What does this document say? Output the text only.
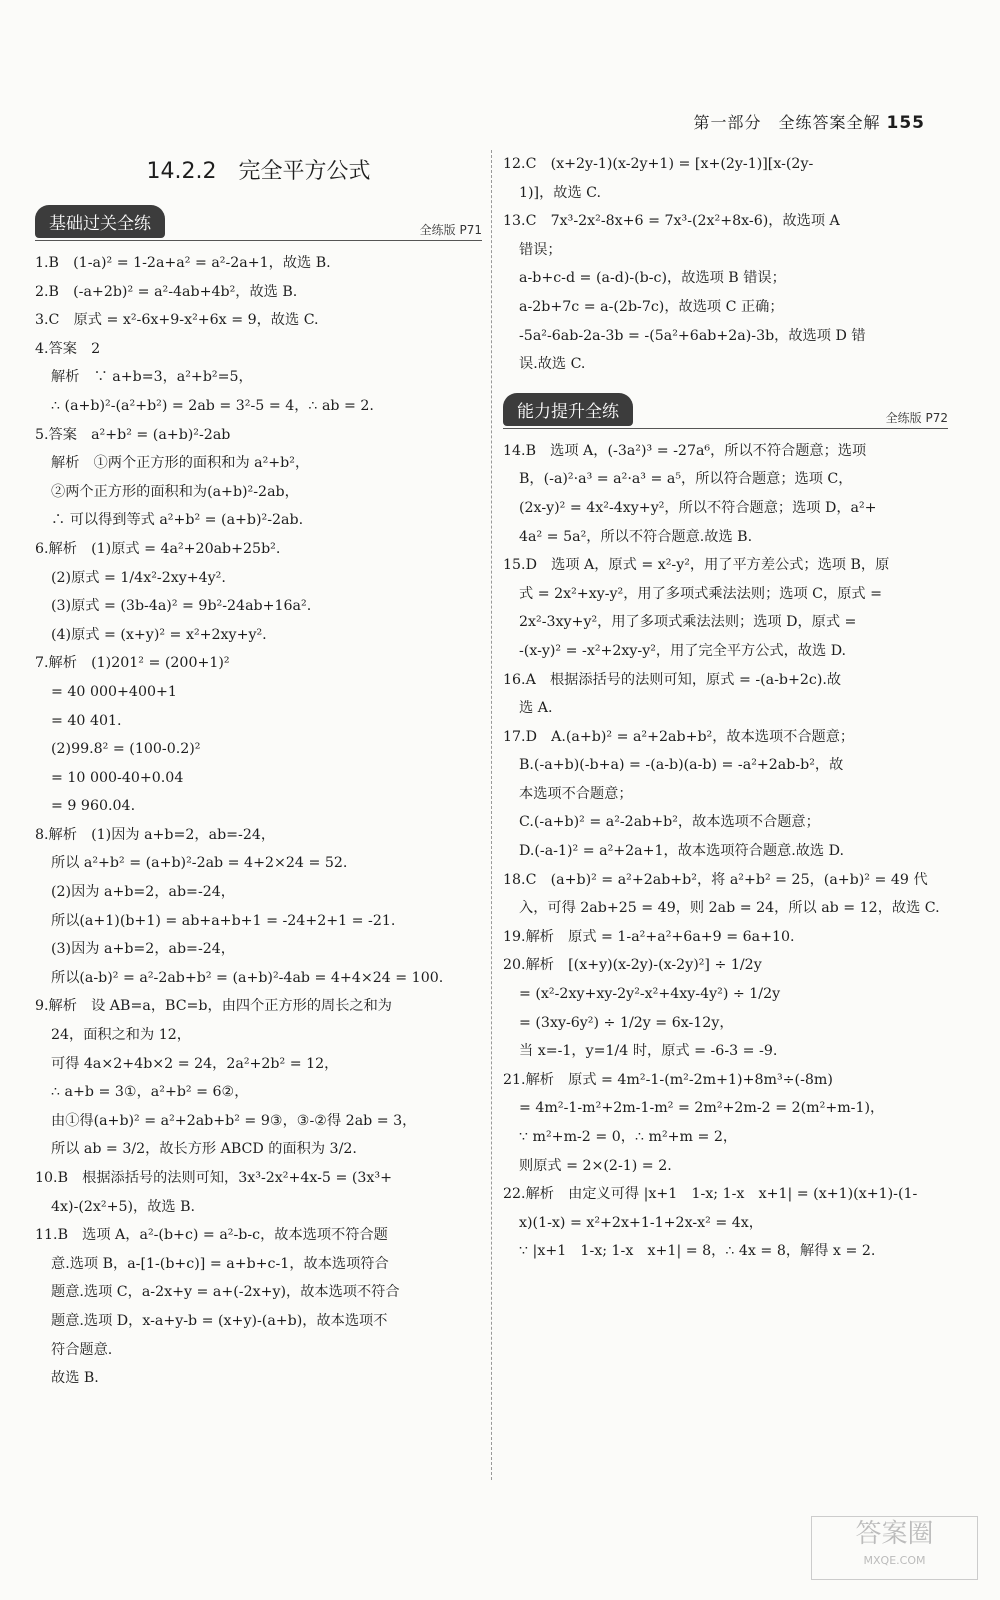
第一部分　全练答案全解 155
14.2.2　完全平方公式
基础过关全练	全练版 P71
1.B　(1-a)² = 1-2a+a² = a²-2a+1，故选 B.
2.B　(-a+2b)² = a²-4ab+4b²，故选 B.
3.C　原式 = x²-6x+9-x²+6x = 9，故选 C.
4.答案　2
解析　∵ a+b=3，a²+b²=5，
∴ (a+b)²-(a²+b²) = 2ab = 3²-5 = 4，∴ ab = 2.
5.答案　a²+b² = (a+b)²-2ab
解析　①两个正方形的面积和为 a²+b²，
②两个正方形的面积和为(a+b)²-2ab，
∴ 可以得到等式 a²+b² = (a+b)²-2ab.
6.解析　(1)原式 = 4a²+20ab+25b².
(2)原式 = 1/4x²-2xy+4y².
(3)原式 = (3b-4a)² = 9b²-24ab+16a².
(4)原式 = (x+y)² = x²+2xy+y².
7.解析　(1)201² = (200+1)²
= 40 000+400+1
= 40 401.
(2)99.8² = (100-0.2)²
= 10 000-40+0.04
= 9 960.04.
8.解析　(1)因为 a+b=2，ab=-24，
所以 a²+b² = (a+b)²-2ab = 4+2×24 = 52.
(2)因为 a+b=2，ab=-24，
所以(a+1)(b+1) = ab+a+b+1 = -24+2+1 = -21.
(3)因为 a+b=2，ab=-24，
所以(a-b)² = a²-2ab+b² = (a+b)²-4ab = 4+4×24 = 100.
9.解析　设 AB=a，BC=b，由四个正方形的周长之和为
24，面积之和为 12，
可得 4a×2+4b×2 = 24，2a²+2b² = 12，
∴ a+b = 3①，a²+b² = 6②，
由①得(a+b)² = a²+2ab+b² = 9③，③-②得 2ab = 3，
所以 ab = 3/2，故长方形 ABCD 的面积为 3/2.
10.B　根据添括号的法则可知，3x³-2x²+4x-5 = (3x³+
4x)-(2x²+5)，故选 B.
11.B　选项 A，a²-(b+c) = a²-b-c，故本选项不符合题
意.选项 B，a-[1-(b+c)] = a+b+c-1，故本选项符合
题意.选项 C，a-2x+y = a+(-2x+y)，故本选项不符合
题意.选项 D，x-a+y-b = (x+y)-(a+b)，故本选项不
符合题意.
故选 B.
12.C　(x+2y-1)(x-2y+1) = [x+(2y-1)][x-(2y-
1)]，故选 C.
13.C　7x³-2x²-8x+6 = 7x³-(2x²+8x-6)，故选项 A
错误；
a-b+c-d = (a-d)-(b-c)，故选项 B 错误；
a-2b+7c = a-(2b-7c)，故选项 C 正确；
-5a²-6ab-2a-3b = -(5a²+6ab+2a)-3b，故选项 D 错
误.故选 C.
能力提升全练	全练版 P72
14.B　选项 A，(-3a²)³ = -27a⁶，所以不符合题意；选项
B，(-a)²·a³ = a²·a³ = a⁵，所以符合题意；选项 C，
(2x-y)² = 4x²-4xy+y²，所以不符合题意；选项 D，a²+
4a² = 5a²，所以不符合题意.故选 B.
15.D　选项 A，原式 = x²-y²，用了平方差公式；选项 B，原
式 = 2x²+xy-y²，用了多项式乘法法则；选项 C，原式 =
2x²-3xy+y²，用了多项式乘法法则；选项 D，原式 =
-(x-y)² = -x²+2xy-y²，用了完全平方公式，故选 D.
16.A　根据添括号的法则可知，原式 = -(a-b+2c).故
选 A.
17.D　A.(a+b)² = a²+2ab+b²，故本选项不合题意；
B.(-a+b)(-b+a) = -(a-b)(a-b) = -a²+2ab-b²，故
本选项不合题意；
C.(-a+b)² = a²-2ab+b²，故本选项不合题意；
D.(-a-1)² = a²+2a+1，故本选项符合题意.故选 D.
18.C　(a+b)² = a²+2ab+b²，将 a²+b² = 25，(a+b)² = 49 代
入，可得 2ab+25 = 49，则 2ab = 24，所以 ab = 12，故选 C.
19.解析　原式 = 1-a²+a²+6a+9 = 6a+10.
20.解析　[(x+y)(x-2y)-(x-2y)²] ÷ 1/2y
= (x²-2xy+xy-2y²-x²+4xy-4y²) ÷ 1/2y
= (3xy-6y²) ÷ 1/2y = 6x-12y，
当 x=-1，y=1/4 时，原式 = -6-3 = -9.
21.解析　原式 = 4m²-1-(m²-2m+1)+8m³÷(-8m)
= 4m²-1-m²+2m-1-m² = 2m²+2m-2 = 2(m²+m-1)，
∵ m²+m-2 = 0，∴ m²+m = 2，
则原式 = 2×(2-1) = 2.
22.解析　由定义可得 |x+1　1-x; 1-x　x+1| = (x+1)(x+1)-(1-
x)(1-x) = x²+2x+1-1+2x-x² = 4x，
∵ |x+1　1-x; 1-x　x+1| = 8，∴ 4x = 8，解得 x = 2.
答案圈
MXQE.COM
